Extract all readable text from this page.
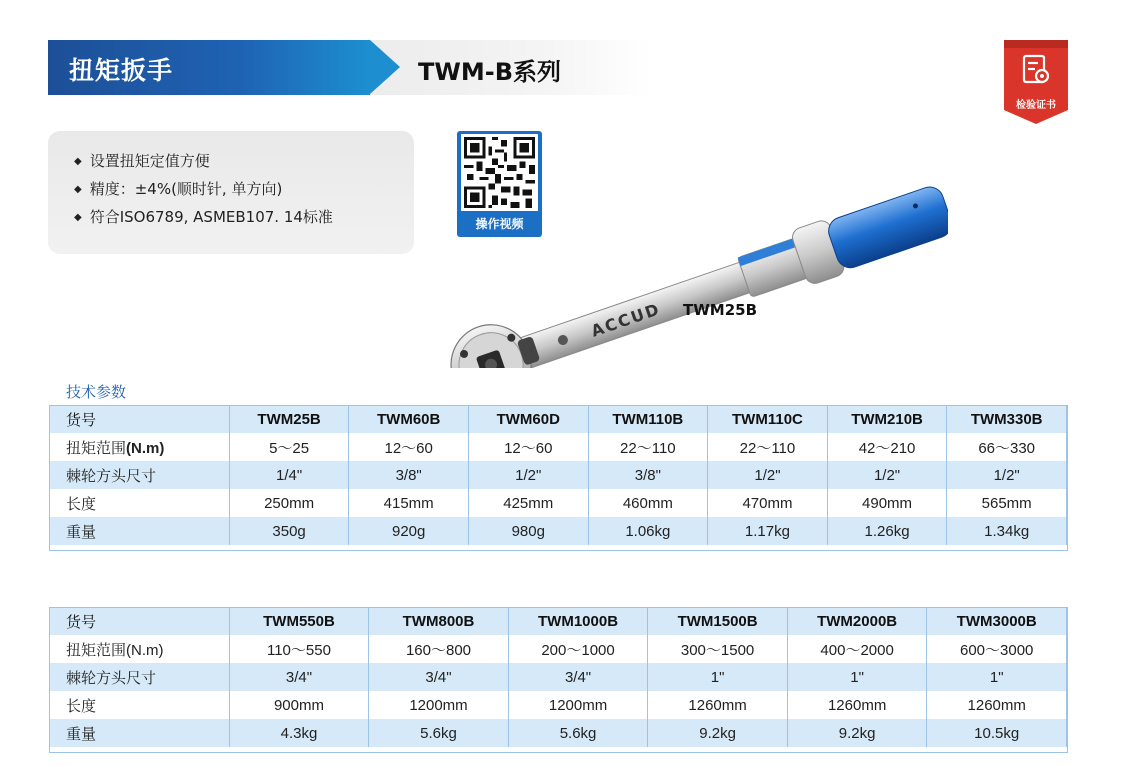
扭矩扳手	TWM-B系列
检验证书
◆ 设置扭矩定值方便
◆ 精度：±4%(顺时针, 单方向)
◆ 符合ISO6789, ASMEB107. 14标准	操作视频
ACCUD TWM25B
技术参数
货号	TWM25B	TWM60B	TWM60D	TWM110B	TWM110C	TWM210B	TWM330B
扭矩范围(N.m)	5～25	12～60	12～60	22～110	22～110	42～210	66～330
棘轮方头尺寸	1/4"	3/8"	1/2"	3/8"	1/2"	1/2"	1/2"
长度	250mm	415mm	425mm	460mm	470mm	490mm	565mm
重量	350g	920g	980g	1.06kg	1.17kg	1.26kg	1.34kg
货号	TWM550B	TWM800B	TWM1000B	TWM1500B	TWM2000B	TWM3000B
扭矩范围(N.m)	110～550	160～800	200～1000	300～1500	400～2000	600～3000
棘轮方头尺寸	3/4"	3/4"	3/4"	1"	1"	1"
长度	900mm	1200mm	1200mm	1260mm	1260mm	1260mm
重量	4.3kg	5.6kg	5.6kg	9.2kg	9.2kg	10.5kg
